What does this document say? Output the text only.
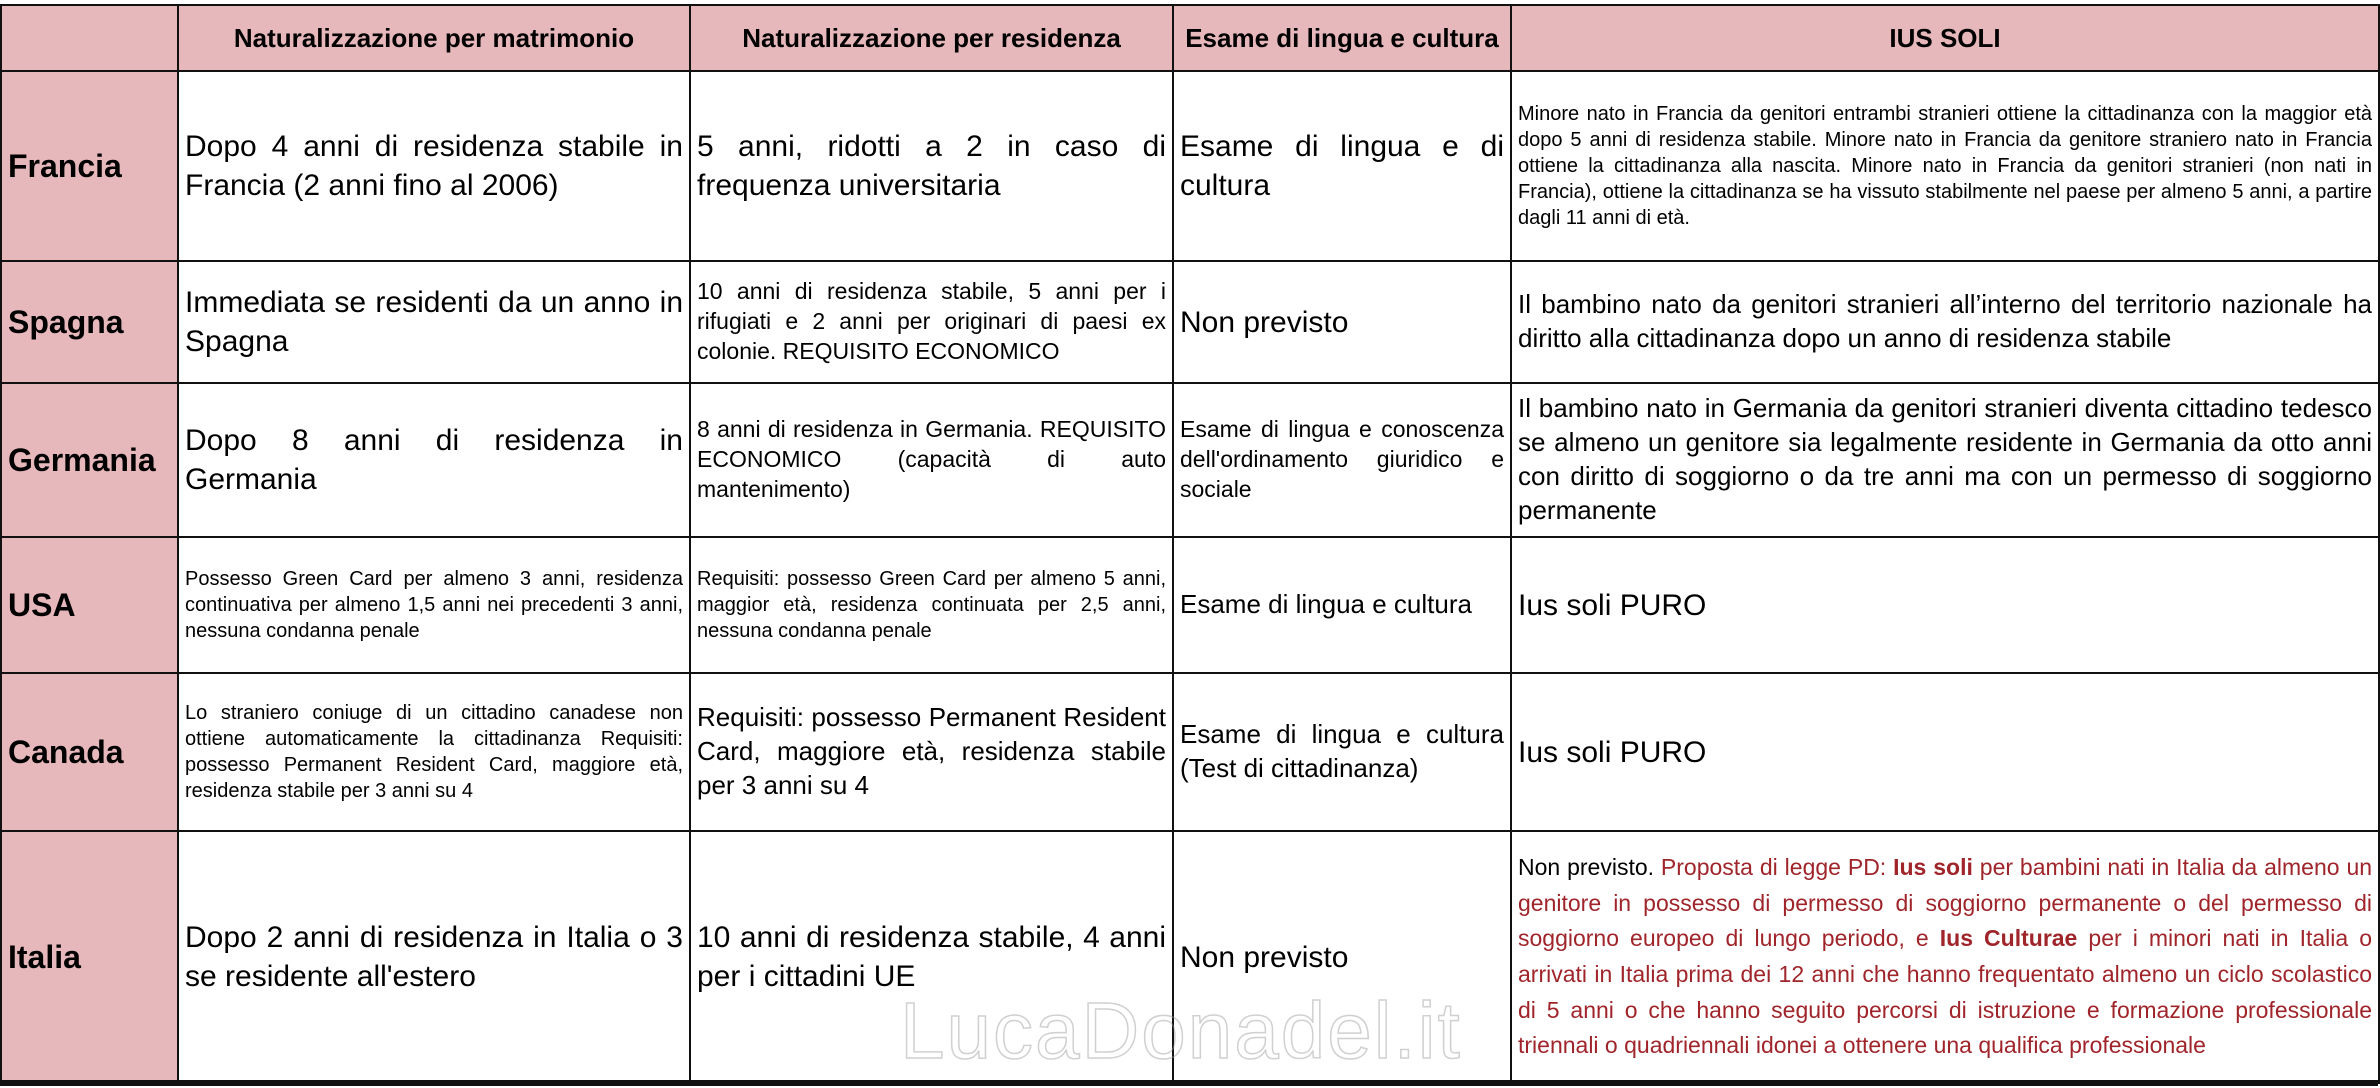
	Naturalizzazione per matrimonio	Naturalizzazione per residenza	Esame di lingua e cultura	IUS SOLI
Francia	Dopo 4 anni di residenza stabile in Francia (2 anni fino al 2006)	5 anni, ridotti a 2 in caso di frequenza universitaria	Esame di lingua e di cultura	Minore nato in Francia da genitori entrambi stranieri ottiene la cittadinanza con la maggior età dopo 5 anni di residenza stabile. Minore nato in Francia da genitore straniero nato in Francia ottiene la cittadinanza alla nascita. Minore nato in Francia da genitori stranieri (non nati in Francia), ottiene la cittadinanza se ha vissuto stabilmente nel paese per almeno 5 anni, a partire dagli 11 anni di età.
Spagna	Immediata se residenti da un anno in Spagna	10 anni di residenza stabile, 5 anni per i rifugiati e 2 anni per originari di paesi ex colonie. REQUISITO ECONOMICO	Non previsto	Il bambino nato da genitori stranieri all’interno del territorio nazionale ha diritto alla cittadinanza dopo un anno di residenza stabile
Germania	Dopo 8 anni di residenza in Germania	8 anni di residenza in Germania. REQUISITO ECONOMICO (capacità di auto mantenimento)	Esame di lingua e conoscenza dell'ordinamento giuridico e sociale	Il bambino nato in Germania da genitori stranieri diventa cittadino tedesco se almeno un genitore sia legalmente residente in Germania da otto anni con diritto di soggiorno o da tre anni ma con un permesso di soggiorno permanente
USA	Possesso Green Card per almeno 3 anni, residenza continuativa per almeno 1,5 anni nei precedenti 3 anni, nessuna condanna penale	Requisiti: possesso Green Card per almeno 5 anni, maggior età, residenza continuata per 2,5 anni, nessuna condanna penale	Esame di lingua e cultura	Ius soli PURO
Canada	Lo straniero coniuge di un cittadino canadese non ottiene automaticamente la cittadinanza Requisiti: possesso Permanent Resident Card, maggiore età, residenza stabile per 3 anni su 4	Requisiti: possesso Permanent Resident Card, maggiore età, residenza stabile per 3 anni su 4	Esame di lingua e cultura (Test di cittadinanza)	Ius soli PURO
Italia	Dopo 2 anni di residenza in Italia o 3 se residente all'estero	10 anni di residenza stabile, 4 anni per i cittadini UE	Non previsto	Non previsto. Proposta di legge PD: Ius soli per bambini nati in Italia da almeno un genitore in possesso di permesso di soggiorno permanente o del permesso di soggiorno europeo di lungo periodo, e Ius Culturae per i minori nati in Italia o arrivati in Italia prima dei 12 anni che hanno frequentato almeno un ciclo scolastico di 5 anni o che hanno seguito percorsi di istruzione e formazione professionale triennali o quadriennali idonei a ottenere una qualifica professionale
LucaDonadel.it
